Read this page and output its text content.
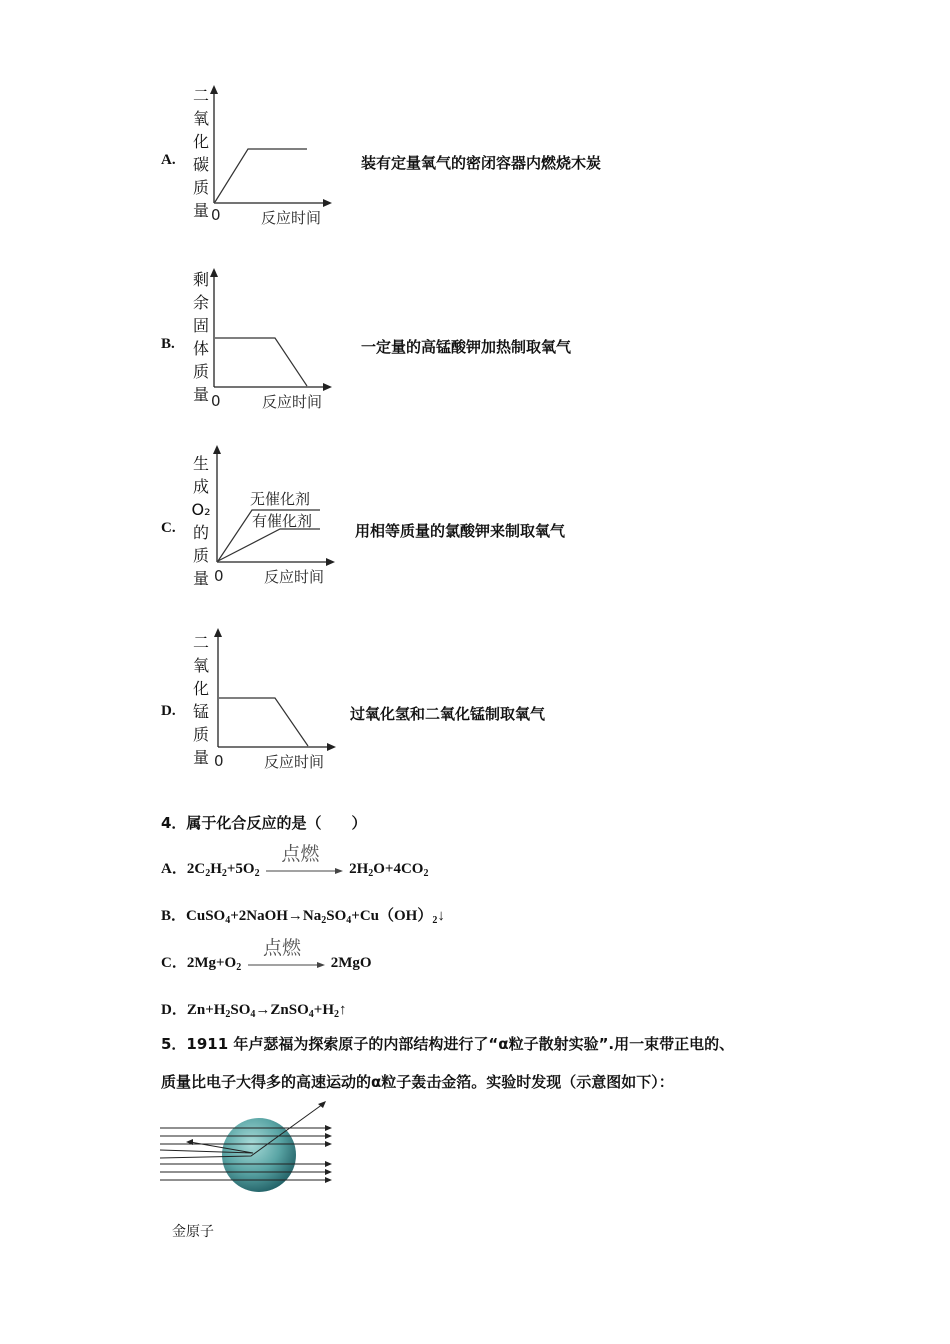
A.
二
氧
化
碳
质
量 0	反应时间
装有定量氧气的密闭容器内燃烧木炭
B.
剩
余
固
体
质
量 0	反应时间
一定量的高锰酸钾加热制取氧气
C.
生
成
O₂
的
质
量
无催化剂
有催化剂
0	反应时间
用相等质量的氯酸钾来制取氧气
D.
二
氧
化
锰
质
量 0	反应时间
过氧化氢和二氧化锰制取氧气
4．属于化合反应的是（　　）
A．$2C_2H_2+5O_2$
点燃
$2H_2O+4CO_2$
B．$CuSO_4+2NaOH\to Na_2SO_4+Cu(OH)_2↓$
C．$2Mg+O_2$
点燃
2MgO
D．$Zn+H_2SO_4\to ZnSO_4+H_2↑$
5．1911 年卢瑟福为探索原子的内部结构进行了“α粒子散射实验”.用一束带正电的、
质量比电子大得多的高速运动的α粒子轰击金箔。实验时发现（示意图如下）：
金原子
